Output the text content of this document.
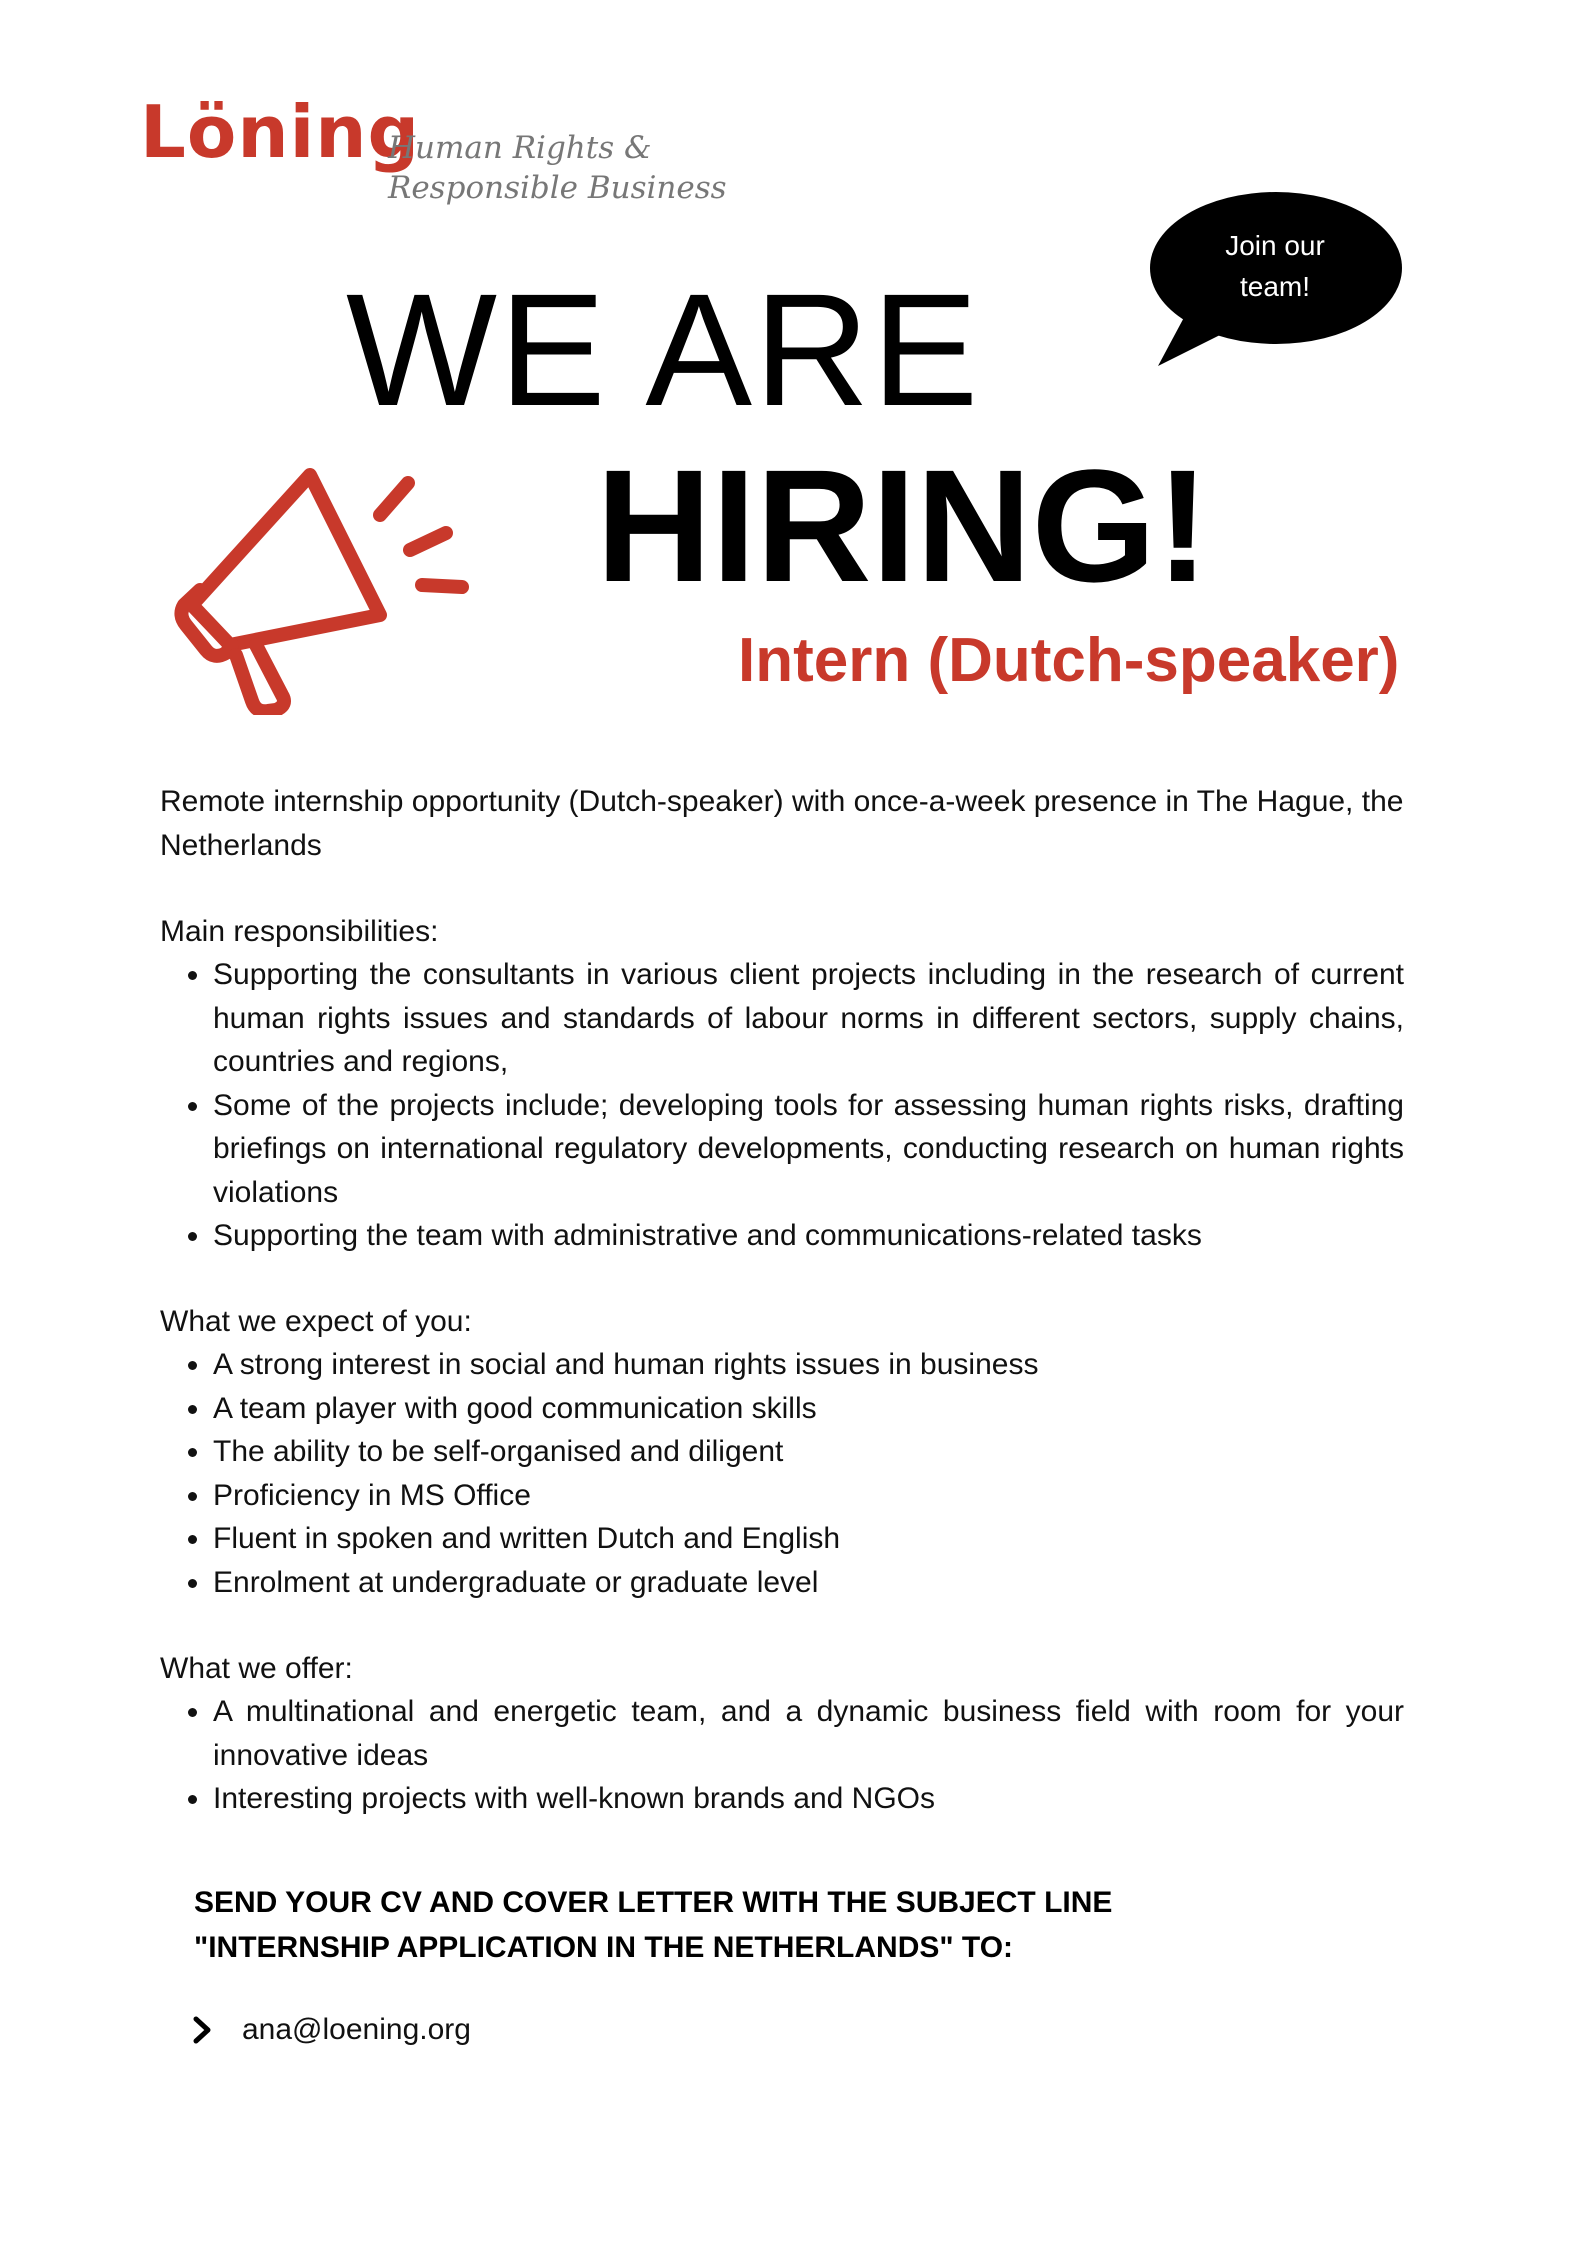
Löning
Human Rights &
Responsible Business
Join our
team!
WE ARE
HIRING!
Intern (Dutch-speaker)
Remote internship opportunity (Dutch-speaker) with once-a-week presence in The Hague, the Netherlands
Main responsibilities:
Supporting the consultants in various client projects including in the research of current human rights issues and standards of labour norms in different sectors, supply chains, countries and regions,
Some of the projects include; developing tools for assessing human rights risks, drafting briefings on international regulatory developments, conducting research on human rights violations
Supporting the team with administrative and communications-related tasks
What we expect of you:
A strong interest in social and human rights issues in business
A team player with good communication skills
The ability to be self-organised and diligent
Proficiency in MS Office
Fluent in spoken and written Dutch and English
Enrolment at undergraduate or graduate level
What we offer:
A multinational and energetic team, and a dynamic business field with room for your innovative ideas
Interesting projects with well-known brands and NGOs
SEND YOUR CV AND COVER LETTER WITH THE SUBJECT LINE
"INTERNSHIP APPLICATION IN THE NETHERLANDS" TO:
ana@loening.org
